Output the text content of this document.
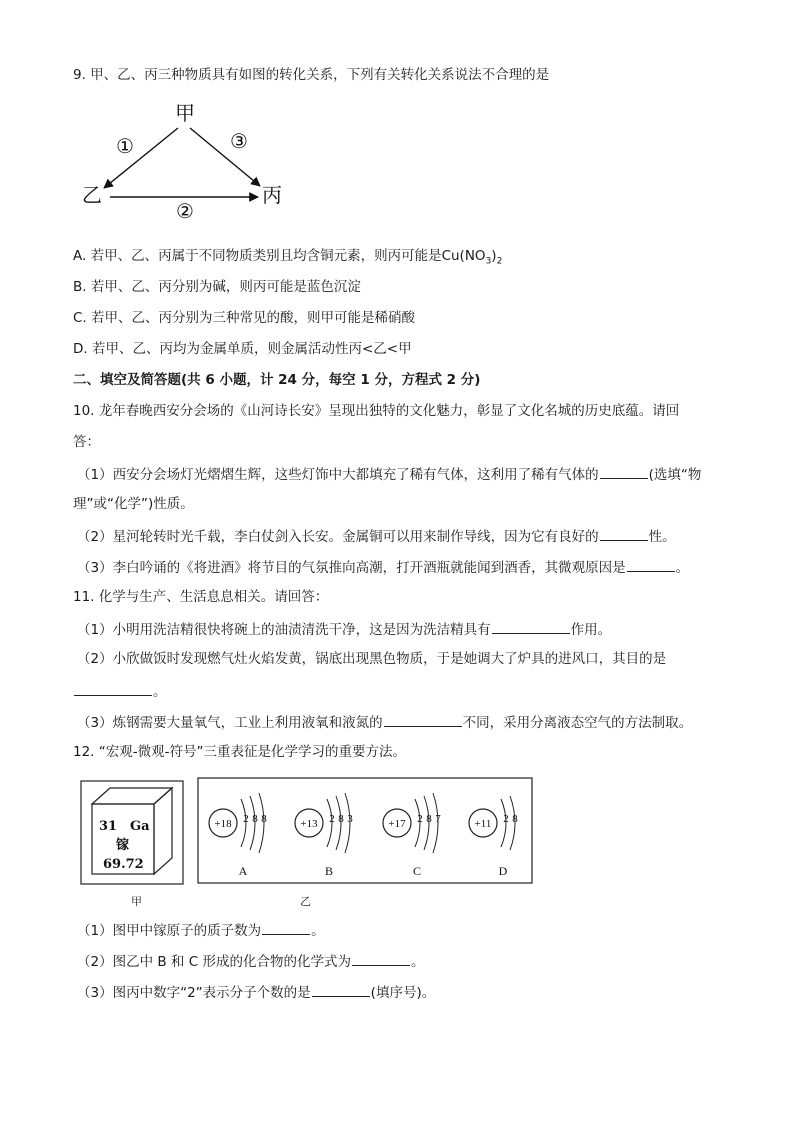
9. 甲、乙、丙三种物质具有如图的转化关系，下列有关转化关系说法不合理的是
甲
①	③
②
乙	丙
A. 若甲、乙、丙属于不同物质类别且均含铜元素，则丙可能是$Cu(NO_3)_2$
B. 若甲、乙、丙分别为碱，则丙可能是蓝色沉淀
C. 若甲、乙、丙分别为三种常见的酸，则甲可能是稀硝酸
D. 若甲、乙、丙均为金属单质，则金属活动性丙<乙<甲
二、填空及简答题(共 6 小题，计 24 分，每空 1 分，方程式 2 分)
10. 龙年春晚西安分会场的《山河诗长安》呈现出独特的文化魅力，彰显了文化名城的历史底蕴。请回
答：
（1）西安分会场灯光熠熠生辉，这些灯饰中大都填充了稀有气体，这利用了稀有气体的	(选填“物
理”或“化学”)性质。
（2）星河轮转时光千载，李白仗剑入长安。金属铜可以用来制作导线，因为它有良好的	性。
（3）李白吟诵的《将进酒》将节目的气氛推向高潮，打开酒瓶就能闻到酒香，其微观原因是	。
11. 化学与生产、生活息息相关。请回答：
（1）小明用洗洁精很快将碗上的油渍清洗干净，这是因为洗洁精具有	作用。
（2）小欣做饭时发现燃气灶火焰发黄，锅底出现黑色物质，于是她调大了炉具的进风口，其目的是
。
（3）炼钢需要大量氧气，工业上利用液氧和液氮的	不同，采用分离液态空气的方法制取。
12. “宏观-微观-符号”三重表征是化学学习的重要方法。
31 Ga
镓
69.72
+18 2 8 8
A
+13 2 8 3
B
+17 2 8 7
C
+11 2 8
D
甲	乙
（1）图甲中镓原子的质子数为	。
（2）图乙中 B 和 C 形成的化合物的化学式为	。
（3）图丙中数字“2”表示分子个数的是	(填序号)。
